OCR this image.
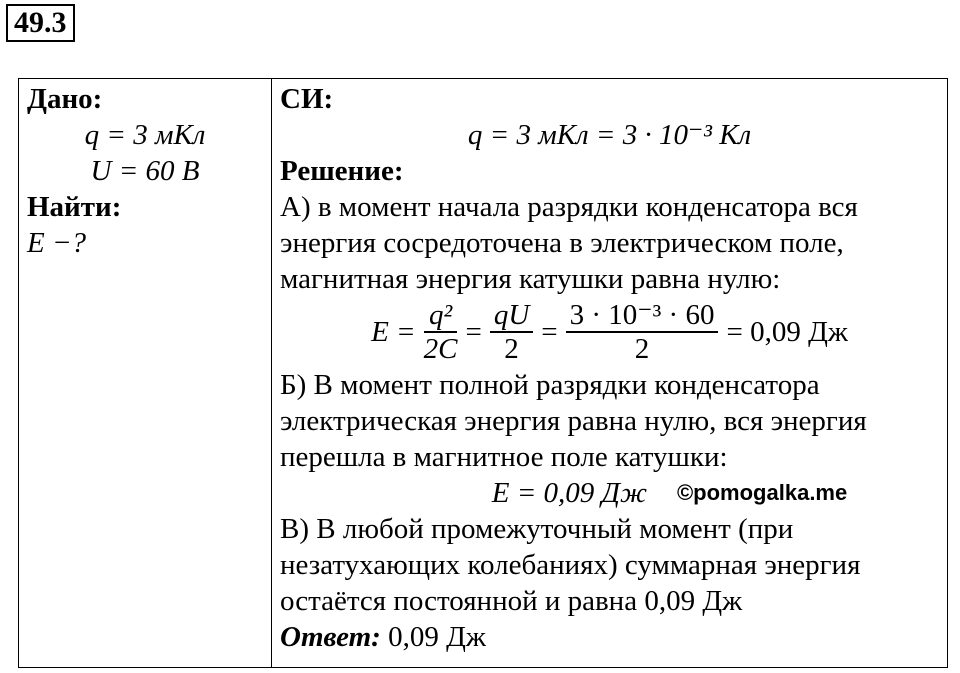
49.3
Дано:
q = 3 мКл
U = 60 В
Найти:
E −?

СИ:
q = 3 мКл = 3 · 10⁻³ Кл
Решение:
А) в момент начала разрядки конденсатора вся
энергия сосредоточена в электрическом поле,
магнитная энергия катушки равна нулю:
$E = \frac{\text{q²}}{2C} = \frac{qU}{2} = \frac{\text{3 · 10⁻³ · 60}}{2} = 0,09$ Дж
Б) В момент полной разрядки конденсатора
электрическая энергия равна нулю, вся энергия
перешла в магнитное поле катушки:
E = 0,09 Дж ©pomogalka.me
В) В любой промежуточный момент (при
незатухающих колебаниях) суммарная энергия
остаётся постоянной и равна 0,09 Дж
Ответ: 0,09 Дж
